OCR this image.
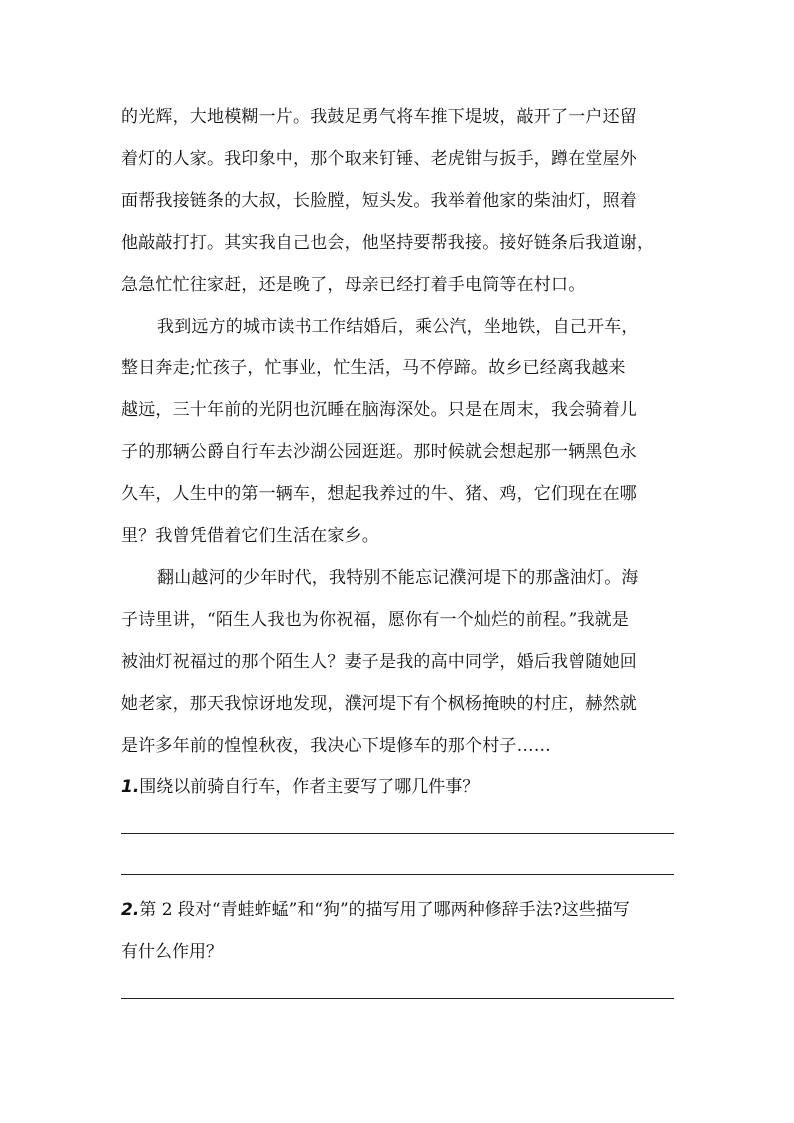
的光辉，大地模糊一片。我鼓足勇气将车推下堤坡，敲开了一户还留
着灯的人家。我印象中，那个取来钉锤、老虎钳与扳手，蹲在堂屋外
面帮我接链条的大叔，长脸膛，短头发。我举着他家的柴油灯，照着
他敲敲打打。其实我自己也会，他坚持要帮我接。接好链条后我道谢，
急急忙忙往家赶，还是晚了，母亲已经打着手电筒等在村口。
我到远方的城市读书工作结婚后，乘公汽，坐地铁，自己开车，
整日奔走;忙孩子，忙事业，忙生活，马不停蹄。故乡已经离我越来
越远，三十年前的光阴也沉睡在脑海深处。只是在周末，我会骑着儿
子的那辆公爵自行车去沙湖公园逛逛。那时候就会想起那一辆黑色永
久车，人生中的第一辆车，想起我养过的牛、猪、鸡，它们现在在哪
里？我曾凭借着它们生活在家乡。
翻山越河的少年时代，我特别不能忘记濮河堤下的那盏油灯。海
子诗里讲，“陌生人我也为你祝福，愿你有一个灿烂的前程。”我就是
被油灯祝福过的那个陌生人？妻子是我的高中同学，婚后我曾随她回
她老家，那天我惊讶地发现，濮河堤下有个枫杨掩映的村庄，赫然就
是许多年前的惶惶秋夜，我决心下堤修车的那个村子……
1.围绕以前骑自行车，作者主要写了哪几件事？
2.第 2 段对“青蛙蚱蜢”和“狗”的描写用了哪两种修辞手法?这些描写
有什么作用？
